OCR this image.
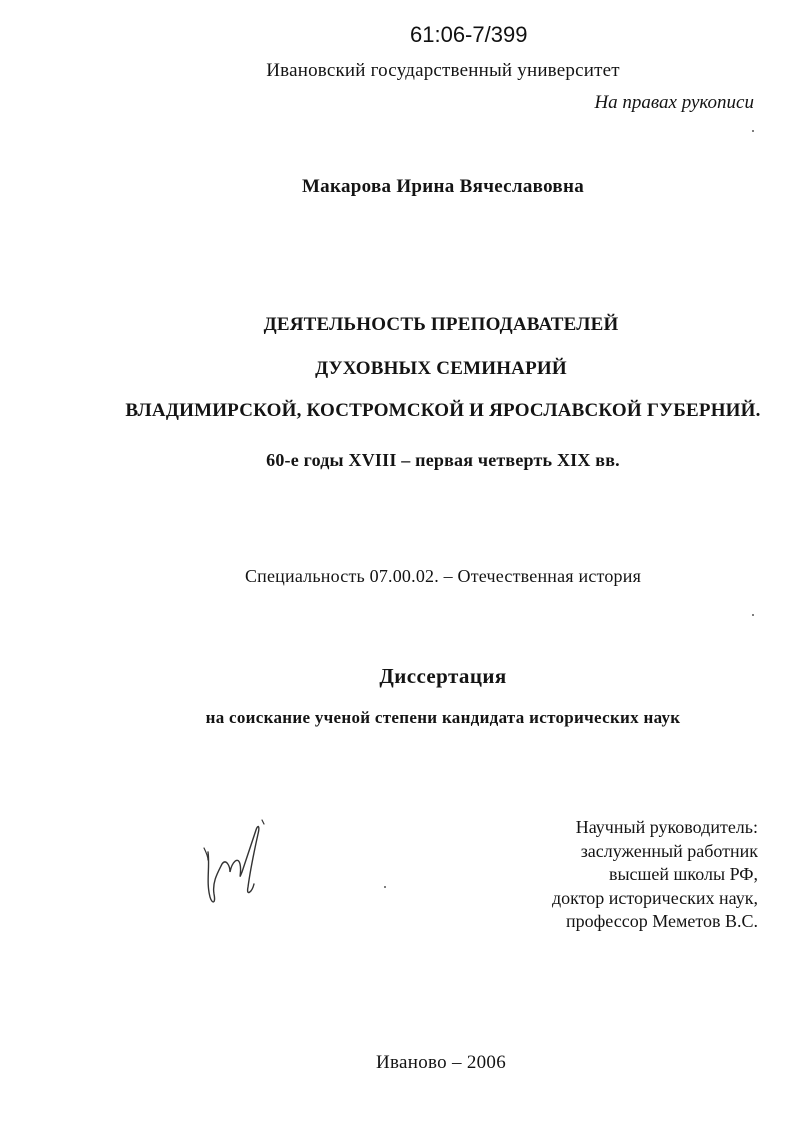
61:06-7/399
Ивановский государственный университет
На правах рукописи
Макарова Ирина Вячеславовна
ДЕЯТЕЛЬНОСТЬ ПРЕПОДАВАТЕЛЕЙ
ДУХОВНЫХ СЕМИНАРИЙ
ВЛАДИМИРСКОЙ, КОСТРОМСКОЙ И ЯРОСЛАВСКОЙ ГУБЕРНИЙ.
60-е годы XVIII – первая четверть XIX вв.
Специальность 07.00.02. – Отечественная история
Диссертация
на соискание ученой степени кандидата исторических наук
Научный руководитель:
заслуженный работник
высшей школы РФ,
доктор исторических наук,
профессор Меметов В.С.
Иваново – 2006
